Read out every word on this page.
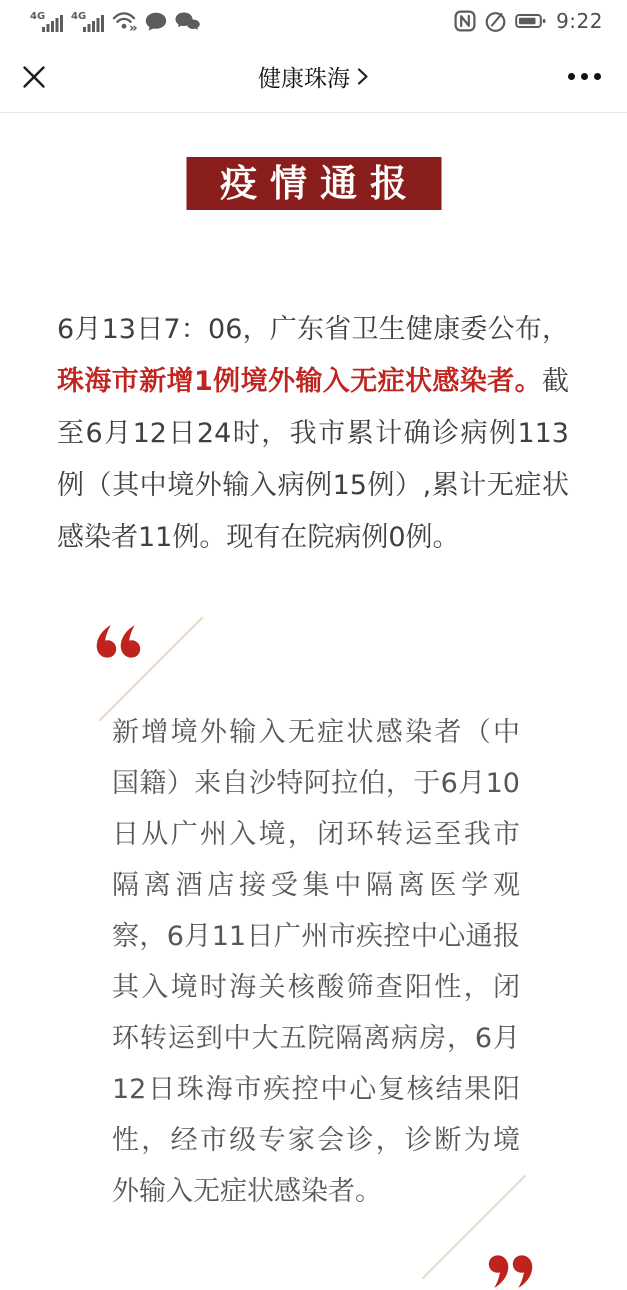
4G	4G	9:22
健康珠海
疫情通报
6月13日7：06，广东省卫生健康委公布，珠海市新增1例境外输入无症状感染者。截至6月12日24时，我市累计确诊病例113例（其中境外输入病例15例）,累计无症状感染者11例。现有在院病例0例。
新增境外输入无症状感染者（中
国籍）来自沙特阿拉伯，于6月10
日从广州入境，闭环转运至我市
隔离酒店接受集中隔离医学观
察，6月11日广州市疾控中心通报
其入境时海关核酸筛查阳性，闭
环转运到中大五院隔离病房，6月
12日珠海市疾控中心复核结果阳
性，经市级专家会诊，诊断为境
外输入无症状感染者。
